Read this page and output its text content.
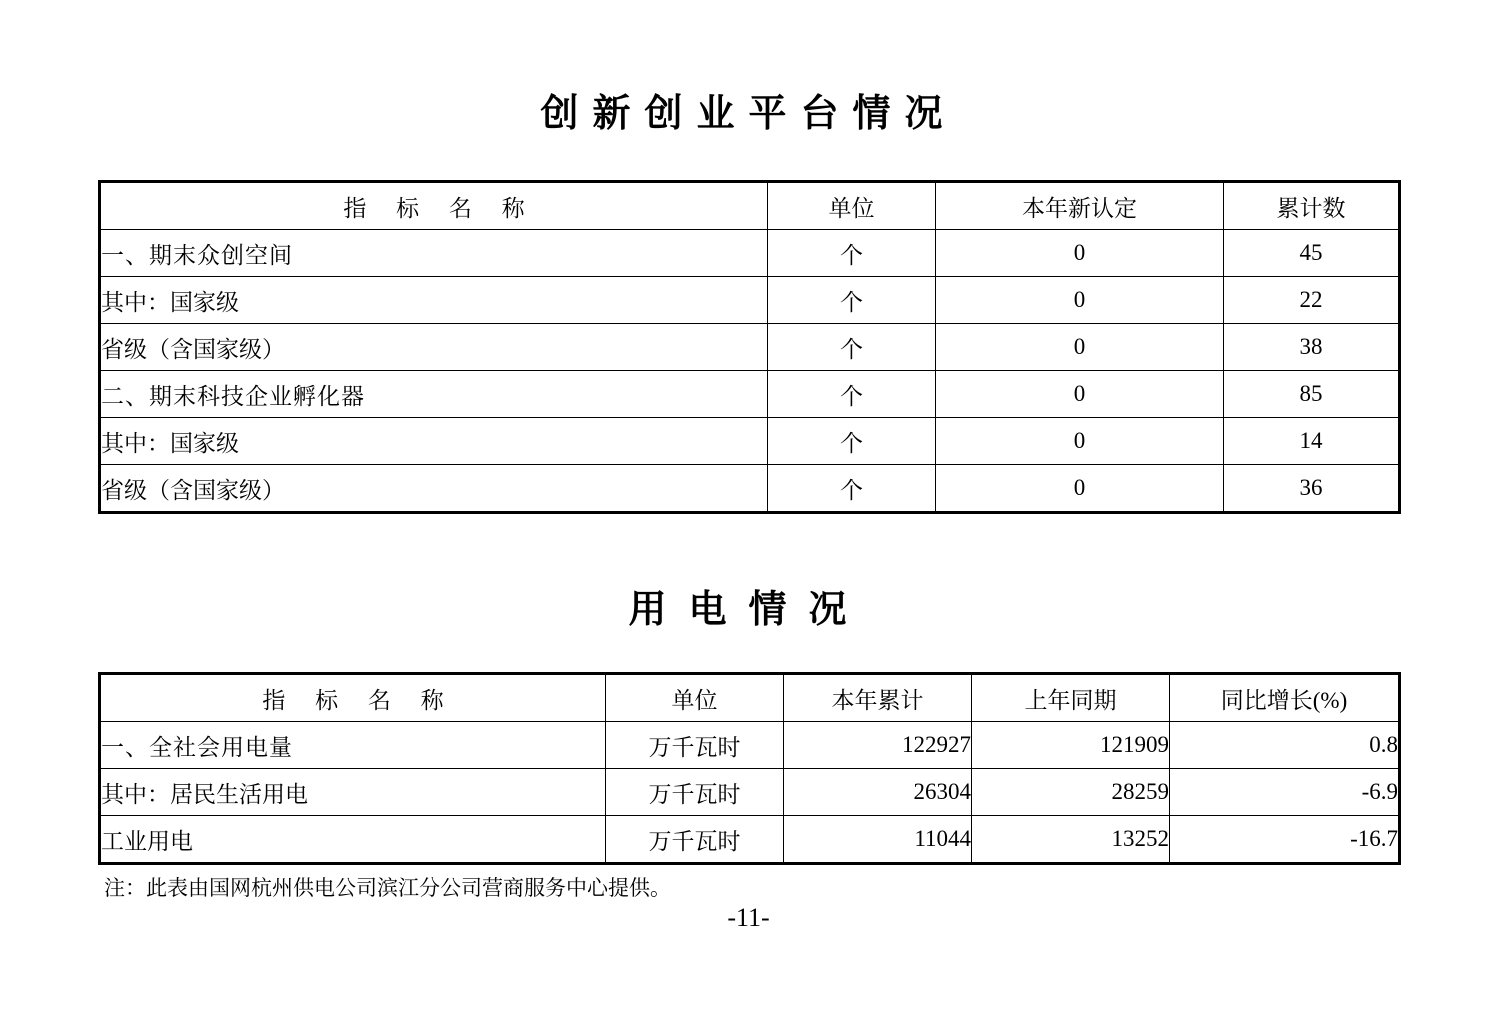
创新创业平台情况
指 标 名 称	单位	本年新认定	累计数
一、期末众创空间	个	0	45
其中：国家级	个	0	22
省级（含国家级）	个	0	38
二、期末科技企业孵化器	个	0	85
其中：国家级	个	0	14
省级（含国家级）	个	0	36
用电情况
指 标 名 称	单位	本年累计	上年同期	同比增长(%)
一、全社会用电量	万千瓦时	122927	121909	0.8
其中：居民生活用电	万千瓦时	26304	28259	-6.9
工业用电	万千瓦时	11044	13252	-16.7
注：此表由国网杭州供电公司滨江分公司营商服务中心提供。
-11-
